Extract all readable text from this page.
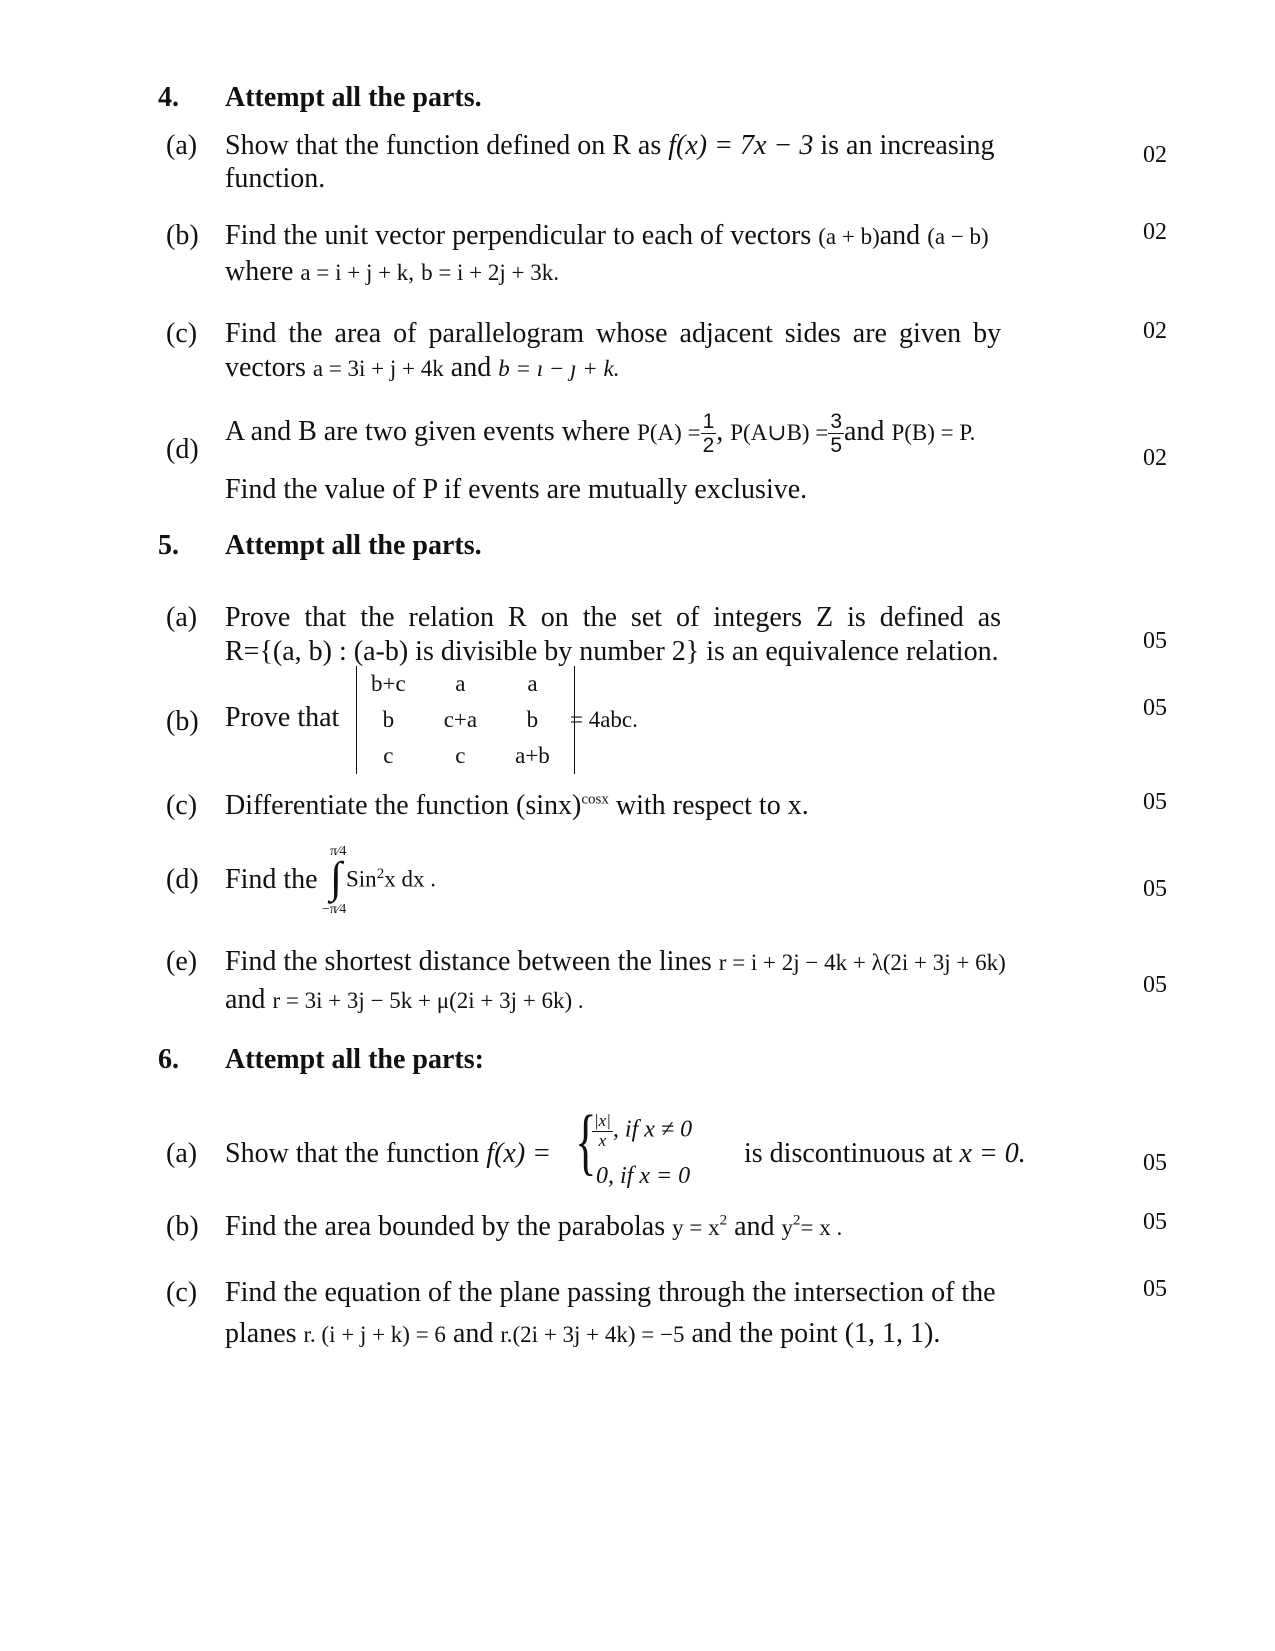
4. Attempt all the parts.
(a) Show that the function defined on R as f(x) = 7x − 3 is an increasing
function.
02
(b) Find the unit vector perpendicular to each of vectors (a + b)and (a − b)
where a = i + j + k, b = i + 2j + 3k.
02
(c) Find the area of parallelogram whose adjacent sides are given by
vectors a = 3i + j + 4k and b = ı − ȷ + k.
02
(d)
A and B are two given events where $P(A) = \frac{1}{2}$ , P(A∪B) = $\frac{3}{5}$ and P(B) = P.
Find the value of P if events are mutually exclusive.
02
5. Attempt all the parts.
(a) Prove that the relation R on the set of integers Z is defined as
R={(a, b) : (a-b) is divisible by number 2} is an equivalence relation.	05
(b) Prove that
b+c	a	a
b	c+a	b
c	c	a+b
= 4abc.	05
(c) Differentiate the function $(\sin x)^{cosx}$ with respect to x.	05
(d) Find the
π⁄4
∫
−π⁄4
Sin$^2$x dx .	05
(e) Find the shortest distance between the lines r = i + 2j − 4k + λ(2i + 3j + 6k)
and r = 3i + 3j − 5k + μ(2i + 3j + 6k) .
05
6. Attempt all the parts:
(a) Show that the function f(x) = {
$\frac{|x|}{x}$ , if x ≠ 0
0, if x = 0
is discontinuous at x = 0.	05
(b) Find the area bounded by the parabolas $y = x^2$ and $y^2= x$ .	05
(c) Find the equation of the plane passing through the intersection of the
planes r. (i + j + k) = 6 and r.(2i + 3j + 4k) = −5 and the point (1, 1, 1).
05
